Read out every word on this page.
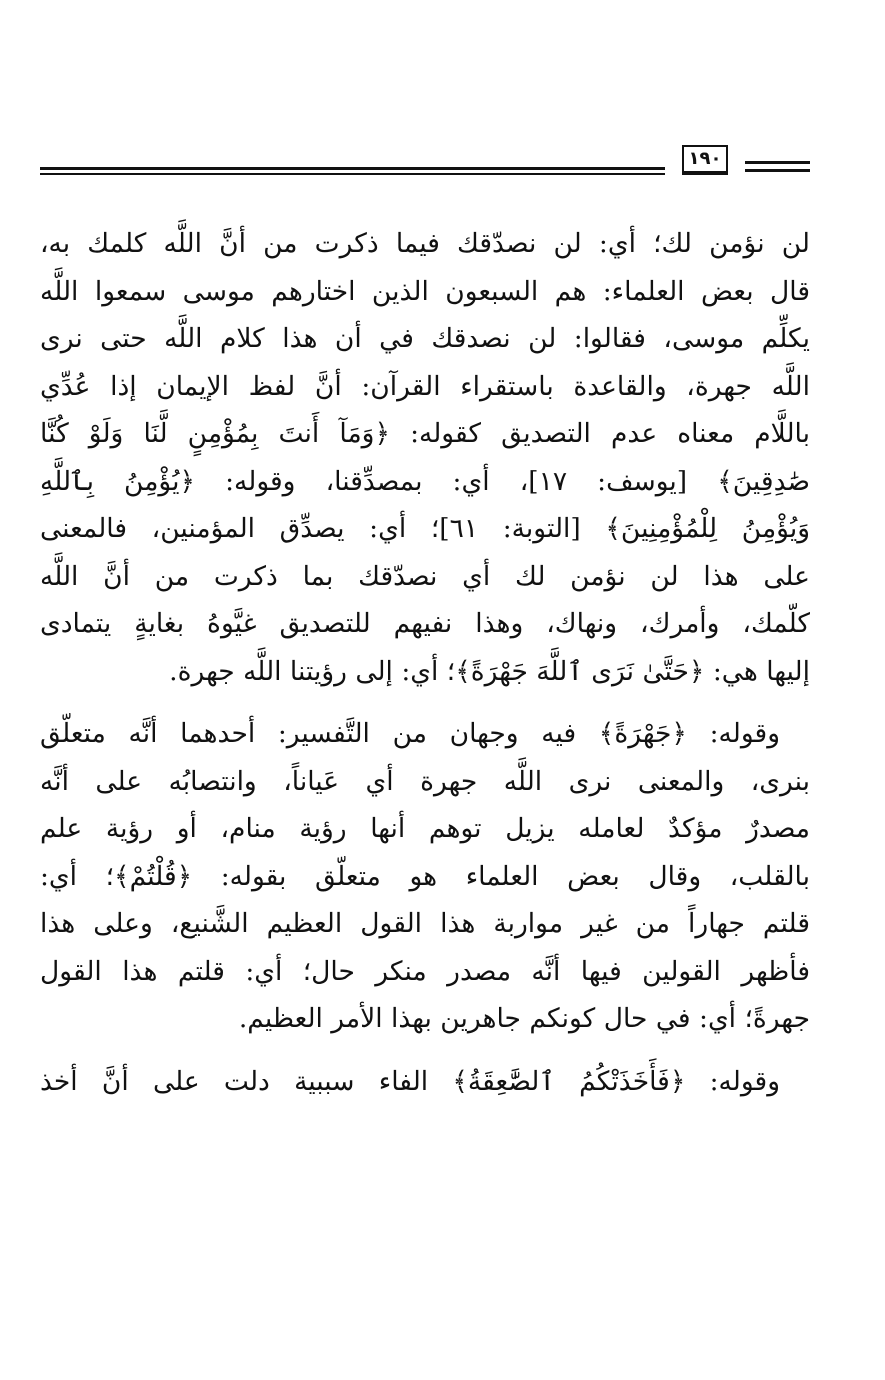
١٩٠

لن نؤمن لك؛ أي: لن نصدّقك فيما ذكرت من أنَّ اللَّه كلمك به،
قال بعض العلماء: هم السبعون الذين اختارهم موسى سمعوا اللَّه
يكلِّم موسى، فقالوا: لن نصدقك في أن هذا كلام اللَّه حتى نرى
اللَّه جهرة، والقاعدة باستقراء القرآن: أنَّ لفظ الإيمان إذا عُدِّي
باللَّام معناه عدم التصديق كقوله: ﴿وَمَآ أَنتَ بِمُؤْمِنٍ لَّنَا وَلَوْ كُنَّا
صَٰدِقِينَ﴾ [يوسف: ١٧]، أي: بمصدِّقنا، وقوله: ﴿يُؤْمِنُ بِٱللَّهِ
وَيُؤْمِنُ لِلْمُؤْمِنِينَ﴾ [التوبة: ٦١]؛ أي: يصدِّق المؤمنين، فالمعنى
على هذا لن نؤمن لك أي نصدّقك بما ذكرت من أنَّ اللَّه
كلّمك، وأمرك، ونهاك، وهذا نفيهم للتصديق غيَّوهُ بغايةٍ يتمادى
إليها هي: ﴿حَتَّىٰ نَرَى ٱللَّهَ جَهْرَةً﴾؛ أي: إلى رؤيتنا اللَّه جهرة.

وقوله: ﴿جَهْرَةً﴾ فيه وجهان من التَّفسير: أحدهما أنَّه متعلّق
بنرى، والمعنى نرى اللَّه جهرة أي عَياناً، وانتصابُه على أنَّه
مصدرٌ مؤكدٌ لعامله يزيل توهم أنها رؤية منام، أو رؤية علم
بالقلب، وقال بعض العلماء هو متعلّق بقوله: ﴿قُلْتُمْ﴾؛ أي:
قلتم جهاراً من غير مواربة هذا القول العظيم الشَّنيع، وعلى هذا
فأظهر القولين فيها أنَّه مصدر منكر حال؛ أي: قلتم هذا القول
جهرةً؛ أي: في حال كونكم جاهرين بهذا الأمر العظيم.

وقوله: ﴿فَأَخَذَتْكُمُ ٱلصَّٰعِقَةُ﴾ الفاء سببية دلت على أنَّ أخذ
